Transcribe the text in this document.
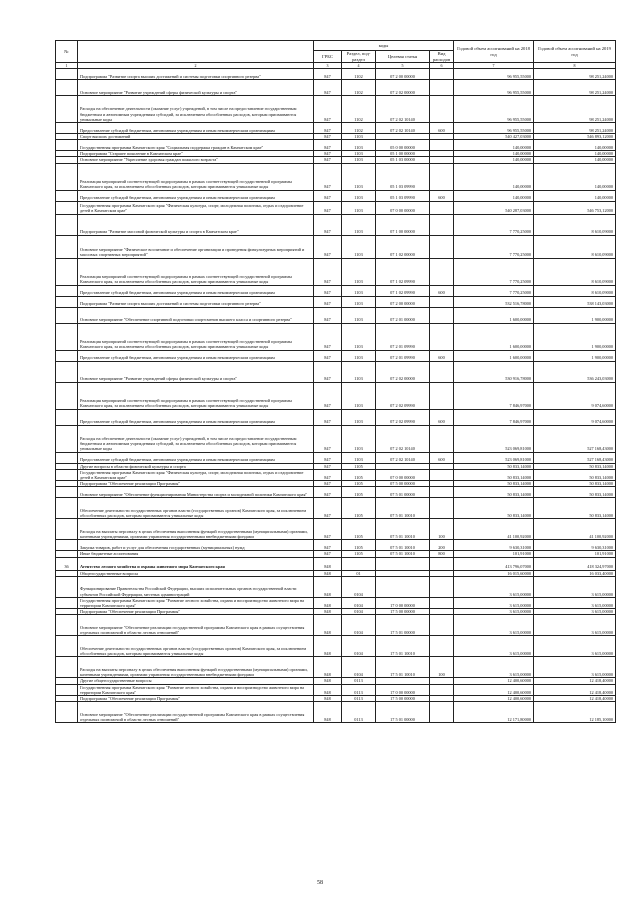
№		коды				Годовой объем ассигнований на 2018 год	Годовой объем ассигнований на 2019 год
		ГРБС	Раздел, под-раздел	Целевая статья	Вид расходов		
1	2	3	4	5	6	7	8
	Подпрограмма "Развитие спорта высших достижений и системы подготовки спортивного резерва"	847	1102	07 2 00 00000		96 955,55000	98 251,24000
	Основное мероприятие "Развитие учреждений сферы физической культуры и спорта"	847	1102	07 2 02 00000		96 955,55000	98 251,24000
	Расходы на обеспечение деятельности (оказание услуг) учреждений, в том числе на предоставление государственным бюджетным и автономным учреждениям субсидий, за исключением обособленных расходов, которым присваиваются уникальные коды	847	1102	07 2 02 10140		96 955,55000	98 251,24000
	Предоставление субсидий бюджетным, автономным учреждениям и иным некоммерческим организациям	847	1102	07 2 02 10140	600	96 955,55000	98 251,24000
	Спорт высших достижений	847	1103			540 427,03000	546 893,12000
	Государственная программа Камчатского края "Социальная поддержка граждан в Камчатском крае"	847	1103	05 0 00 00000		140,00000	140,00000
	Подпрограмма "Старшее поколение в Камчатском крае"	847	1103	05 1 00 00000		140,00000	140,00000
	Основное мероприятие "Укрепление здоровья граждан пожилого возраста"	847	1103	05 1 03 00000		140,00000	140,00000
	Реализация мероприятий соответствующей подпрограммы в рамках соответствующей государственной программы Камчатского края, за исключением обособленных расходов, которым присваиваются уникальные коды	847	1103	05 1 03 09990		140,00000	140,00000
	Предоставление субсидий бюджетным, автономным учреждениям и иным некоммерческим организациям	847	1103	05 1 03 09990	600	140,00000	140,00000
	Государственная программа Камчатского края "Физическая культура, спорт, молодежная политика, отдых и оздоровление детей в Камчатском крае"	847	1103	07 0 00 00000		540 287,03000	546 753,12000
	Подпрограмма "Развитие массовой физической культуры и спорта в Камчатском крае"	847	1103	07 1 00 00000		7 770,25000	8 610,09000
	Основное мероприятие "Физическое воспитание и обеспечение организации и проведения физкультурных мероприятий и массовых спортивных мероприятий"	847	1103	07 1 02 00000		7 770,25000	8 610,09000
	Реализация мероприятий соответствующей подпрограммы в рамках соответствующей государственной программы Камчатского края, за исключением обособленных расходов, которым присваиваются уникальные коды	847	1103	07 1 02 09990		7 770,25000	8 610,09000
	Предоставление субсидий бюджетным, автономным учреждениям и иным некоммерческим организациям	847	1103	07 1 02 09990	600	7 770,25000	8 610,09000
	Подпрограмма "Развитие спорта высших достижений и системы подготовки спортивного резерва"	847	1103	07 2 00 00000		532 516,78000	538 143,03000
	Основное мероприятие "Обеспечение спортивной подготовки спортсменов высшего класса и спортивного резерва"	847	1103	07 2 01 00000		1 600,00000	1 900,00000
	Реализация мероприятий соответствующей подпрограммы в рамках соответствующей государственной программы Камчатского края, за исключением обособленных расходов, которым присваиваются уникальные коды	847	1103	07 2 01 09990		1 600,00000	1 900,00000
	Предоставление субсидий бюджетным, автономным учреждениям и иным некоммерческим организациям	847	1103	07 2 01 09990	600	1 600,00000	1 900,00000
	Основное мероприятие "Развитие учреждений сферы физической культуры и спорта"	847	1103	07 2 02 00000		530 916,78000	536 243,03000
	Реализация мероприятий соответствующей подпрограммы в рамках соответствующей государственной программы Камчатского края, за исключением обособленных расходов, которым присваиваются уникальные коды	847	1103	07 2 02 09990		7 846,97000	9 074,60000
	Предоставление субсидий бюджетным, автономным учреждениям и иным некоммерческим организациям	847	1103	07 2 02 09990	600	7 846,97000	9 074,60000
	Расходы на обеспечение деятельности (оказание услуг) учреждений, в том числе на предоставление государственным бюджетным и автономным учреждениям субсидий, за исключением обособленных расходов, которым присваиваются уникальные коды	847	1103	07 2 02 10140		523 069,81000	527 168,43000
	Предоставление субсидий бюджетным, автономным учреждениям и иным некоммерческим организациям	847	1103	07 2 02 10140	600	523 069,81000	527 168,43000
	Другие вопросы в области физической культуры и спорта	847	1105			50 833,14000	50 833,14000
	Государственная программа Камчатского края "Физическая культура, спорт, молодежная политика, отдых и оздоровление детей в Камчатском крае"	847	1105	07 0 00 00000		50 833,14000	50 833,14000
	Подпрограмма "Обеспечение реализации Программы"	847	1105	07 5 00 00000		50 833,14000	50 833,14000
	Основное мероприятие "Обеспечение функционирования Министерства спорта и молодежной политики Камчатского края"	847	1105	07 5 01 00000		50 833,14000	50 833,14000
	Обеспечение деятельности государственных органов власти (государственных органов) Камчатского края, за исключением обособленных расходов, которым присваиваются уникальные коды	847	1105	07 5 01 10010		50 833,14000	50 833,14000
	Расходы на выплаты персоналу в целях обеспечения выполнения функций государственными (муниципальными) органами, казенными учреждениями, органами управления государственными внебюджетными фондами	847	1105	07 5 01 10010	100	41 100,92000	41 100,92000
	Закупка товаров, работ и услуг для обеспечения государственных (муниципальных) нужд	847	1105	07 5 01 10010	200	9 630,31000	9 630,31000
	Иные бюджетные ассигнования	847	1105	07 5 01 10010	800	101,91000	101,91000
36	Агентство лесного хозяйства и охраны животного мира Камчатского края	848				413 796,07000	418 324,97000
	Общегосударственные вопросы	848	01			16 015,60000	16 033,40000
	Функционирование Правительства Российской Федерации, высших исполнительных органов государственной власти субъектов Российской Федерации, местных администраций	848	0104			3 615,00000	3 615,00000
	Государственная программа Камчатского края "Развитие лесного хозяйства, охрана и воспроизводство животного мира на территории Камчатского края"	848	0104	17 0 00 00000		3 615,00000	3 615,00000
	Подпрограмма "Обеспечение реализации Программы"	848	0104	17 5 00 00000		3 615,00000	3 615,00000
	Основное мероприятие "Обеспечение реализации государственной программы Камчатского края в рамках осуществления отдельных полномочий в области лесных отношений"	848	0104	17 5 01 00000		3 615,00000	3 615,00000
	Обеспечение деятельности государственных органов власти (государственных органов) Камчатского края, за исключением обособленных расходов, которым присваиваются уникальные коды	848	0104	17 5 01 10010		3 615,00000	3 615,00000
	Расходы на выплаты персоналу в целях обеспечения выполнения функций государственными (муниципальными) органами, казенными учреждениями, органами управления государственными внебюджетными фондами	848	0104	17 5 01 10010	100	3 615,00000	3 615,00000
	Другие общегосударственные вопросы	848	0113			12 400,60000	12 418,40000
	Государственная программа Камчатского края "Развитие лесного хозяйства, охрана и воспроизводство животного мира на территории Камчатского края"	848	0113	17 0 00 00000		12 400,60000	12 418,40000
	Подпрограмма "Обеспечение реализации Программы"	848	0113	17 5 00 00000		12 400,60000	12 418,40000
	Основное мероприятие "Обеспечение реализации государственной программы Камчатского края в рамках осуществления отдельных полномочий в области лесных отношений"	848	0113	17 5 01 00000		12 171,80000	12 185,10000
58
